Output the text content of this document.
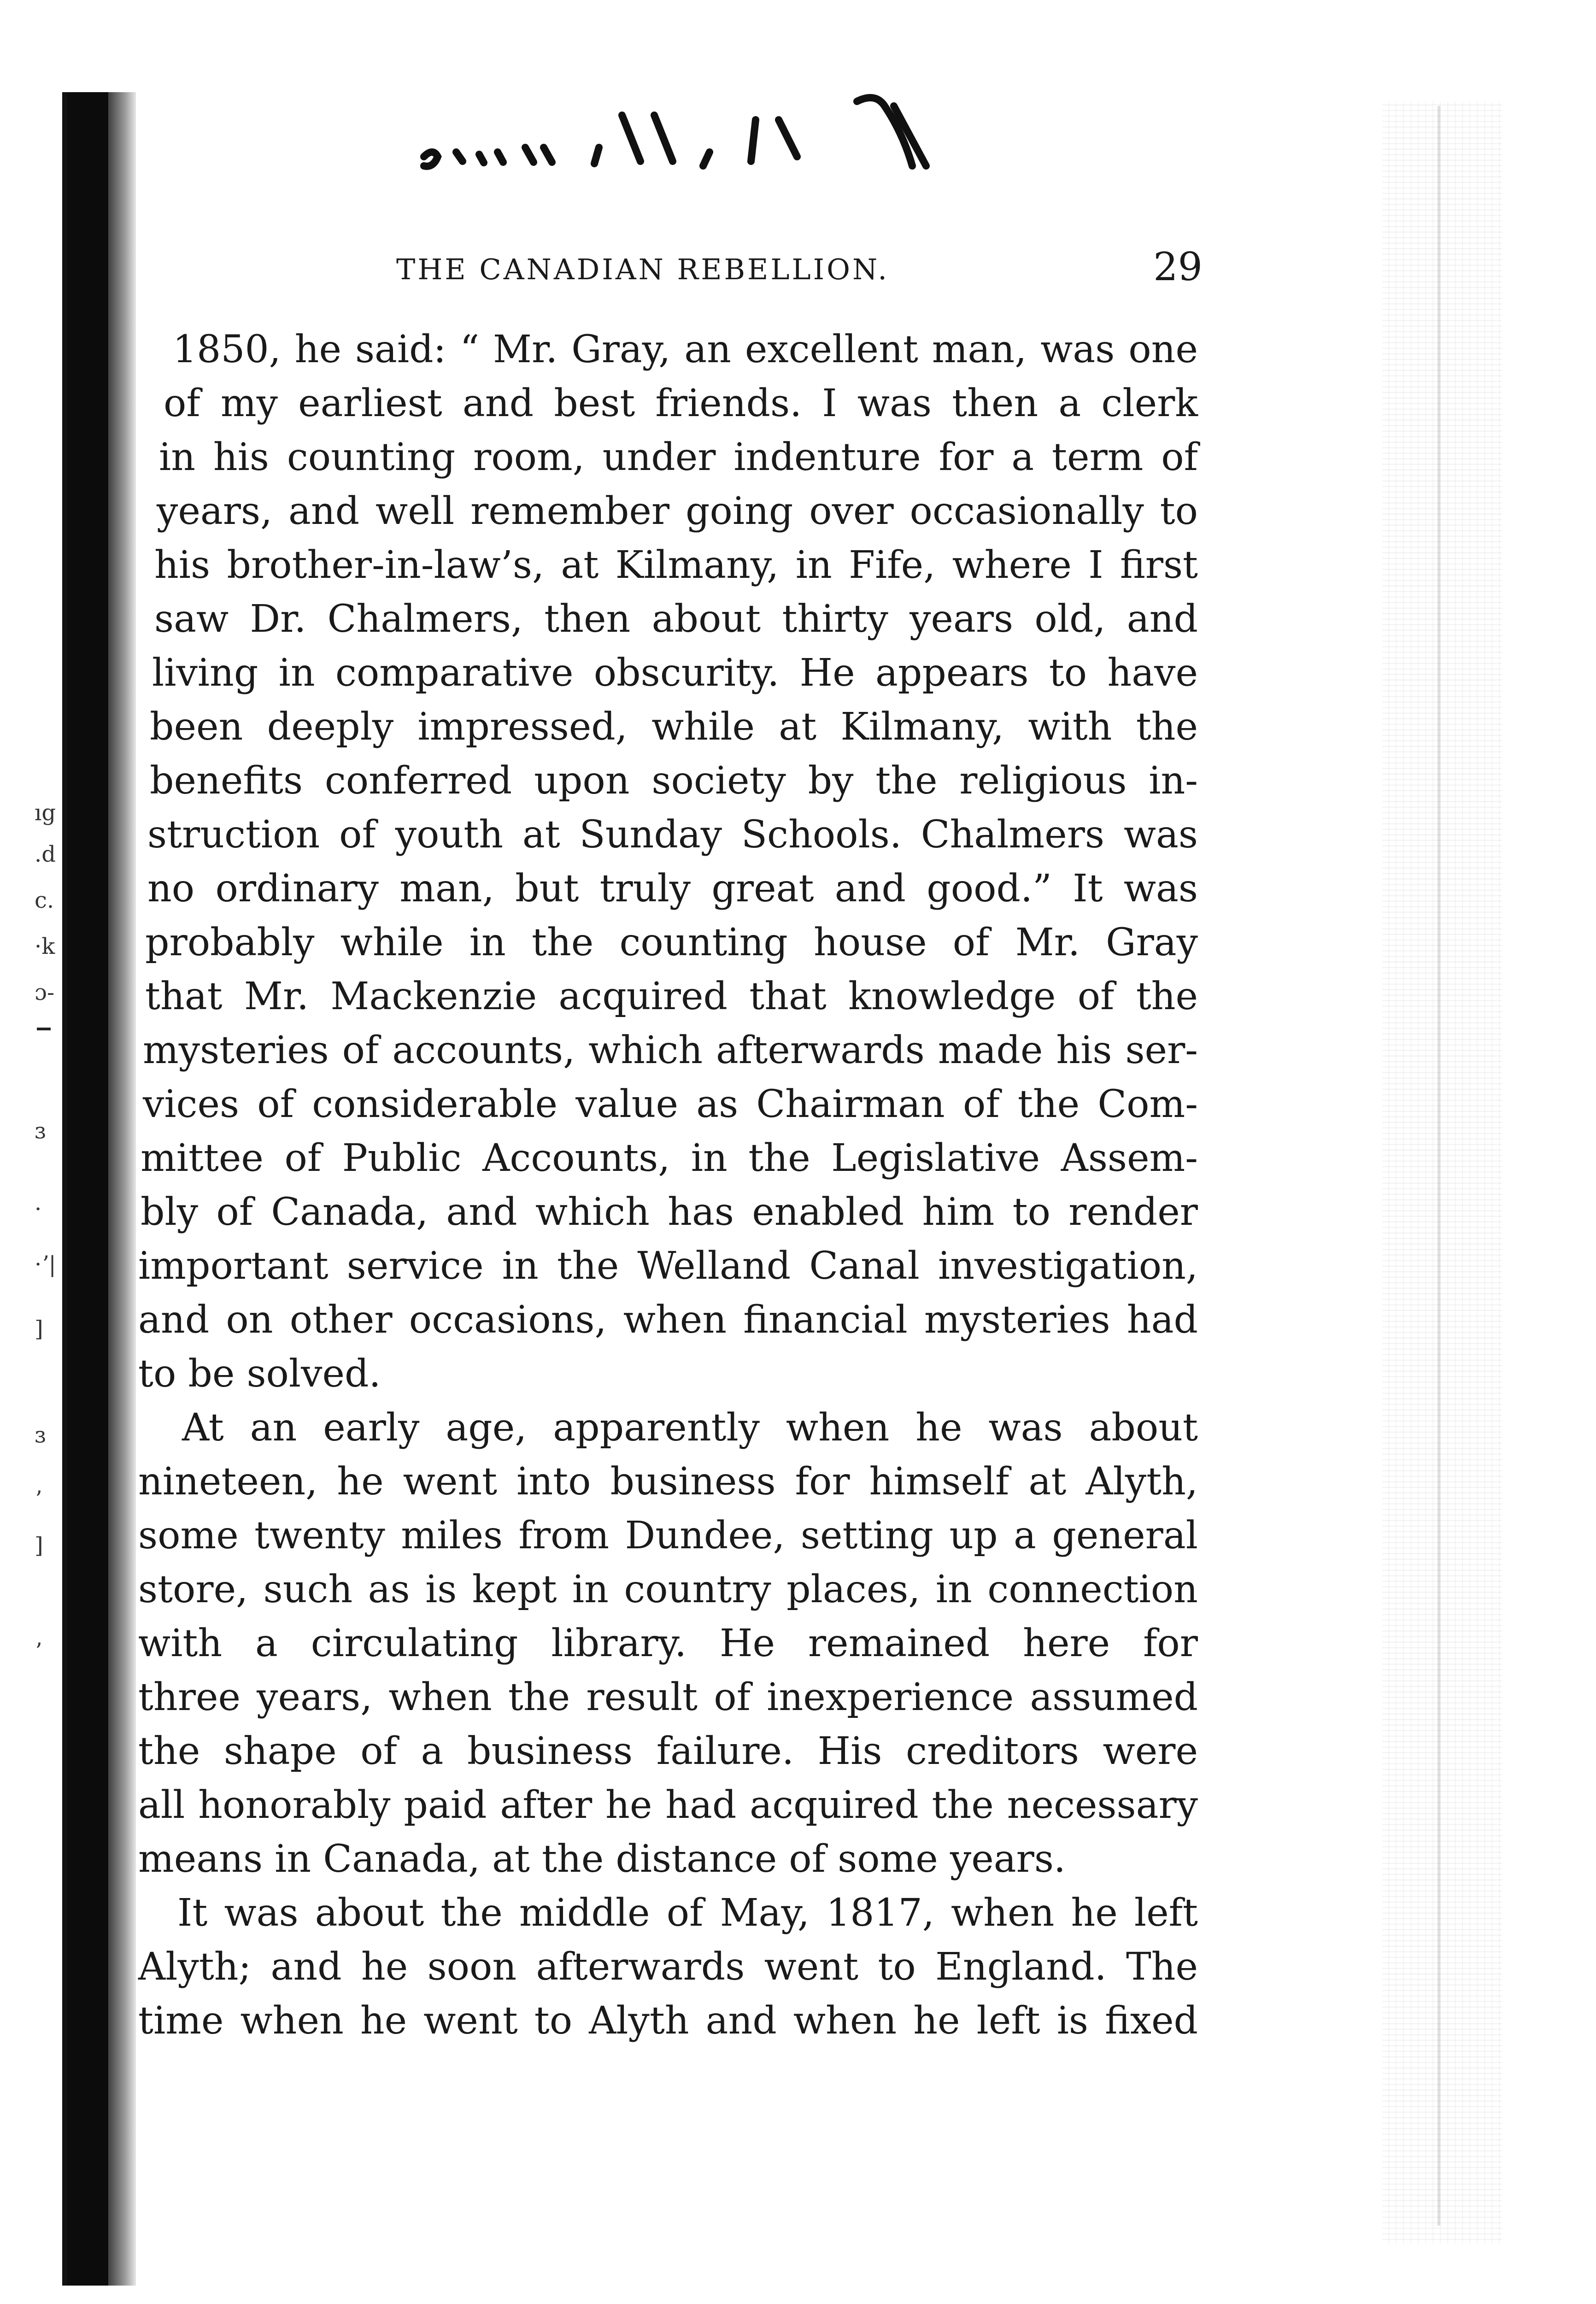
ıg
.d
c.
·k
ɔ-
ɜ
·
·ʼ|
]
ɜ
ʼ
]
ʼ
THE CANADIAN REBELLION.	29
1850, he said: “ Mr. Gray, an excellent man, was one
of my earliest and best friends. I was then a clerk
in his counting room, under indenture for a term of
years, and well remember going over occasionally to
his brother-in-law’s, at Kilmany, in Fife, where I first
saw Dr. Chalmers, then about thirty years old, and
living in comparative obscurity. He appears to have
been deeply impressed, while at Kilmany, with the
benefits conferred upon society by the religious in-
struction of youth at Sunday Schools. Chalmers was
no ordinary man, but truly great and good.” It was
probably while in the counting house of Mr. Gray
that Mr. Mackenzie acquired that knowledge of the
mysteries of accounts, which afterwards made his ser-
vices of considerable value as Chairman of the Com-
mittee of Public Accounts, in the Legislative Assem-
bly of Canada, and which has enabled him to render
important service in the Welland Canal investigation,
and on other occasions, when financial mysteries had
to be solved.
At an early age, apparently when he was about
nineteen, he went into business for himself at Alyth,
some twenty miles from Dundee, setting up a general
store, such as is kept in country places, in connection
with a circulating library. He remained here for
three years, when the result of inexperience assumed
the shape of a business failure. His creditors were
all honorably paid after he had acquired the necessary
means in Canada, at the distance of some years.
It was about the middle of May, 1817, when he left
Alyth; and he soon afterwards went to England. The
time when he went to Alyth and when he left is fixed
